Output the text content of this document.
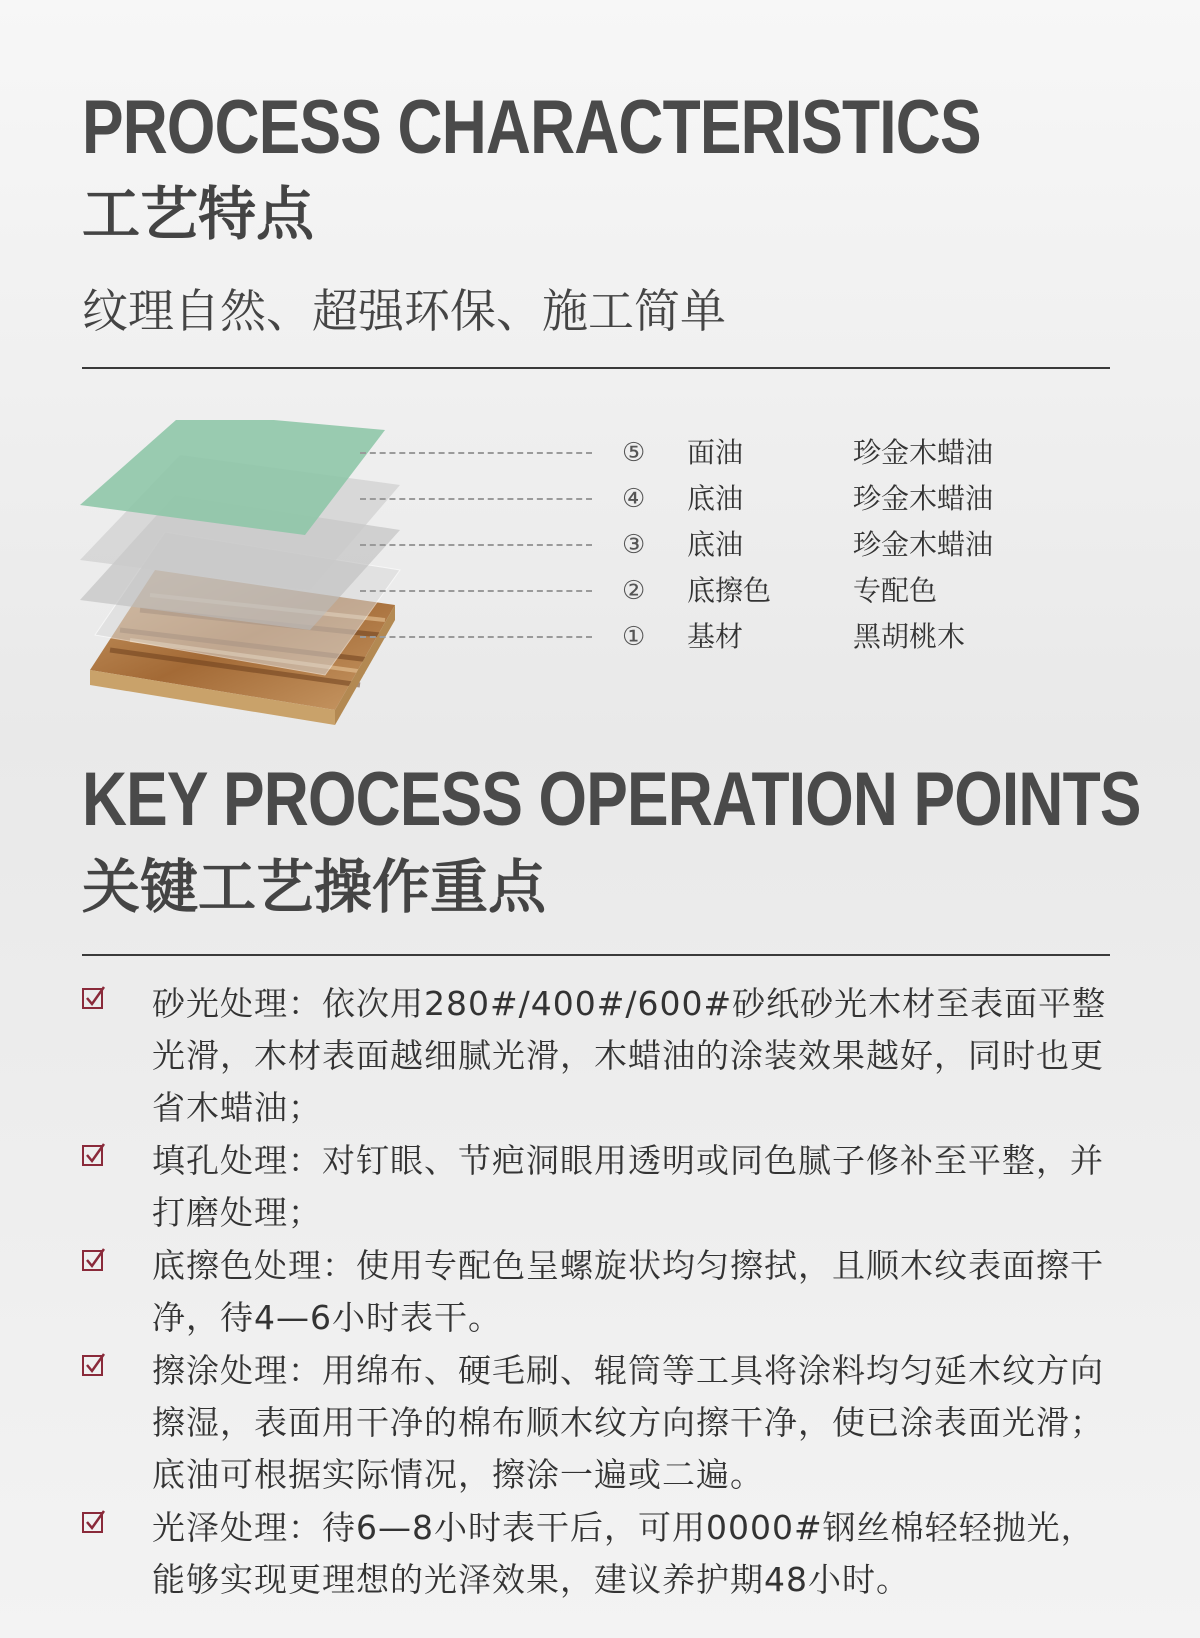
PROCESS CHARACTERISTICS
工艺特点
纹理自然、超强环保、施工简单
⑤ 面油	珍金木蜡油
④ 底油	珍金木蜡油
③ 底油	珍金木蜡油
② 底擦色	专配色
① 基材	黑胡桃木
KEY PROCESS OPERATION POINTS
关键工艺操作重点
砂光处理：依次用280#/400#/600#砂纸砂光木材至表面平整光滑，木材表面越细腻光滑，木蜡油的涂装效果越好，同时也更省木蜡油；
填孔处理：对钉眼、节疤洞眼用透明或同色腻子修补至平整，并打磨处理；
底擦色处理：使用专配色呈螺旋状均匀擦拭，且顺木纹表面擦干净，待4—6小时表干。
擦涂处理：用绵布、硬毛刷、辊筒等工具将涂料均匀延木纹方向擦湿，表面用干净的棉布顺木纹方向擦干净，使已涂表面光滑；底油可根据实际情况，擦涂一遍或二遍。
光泽处理：待6—8小时表干后，可用0000#钢丝棉轻轻抛光，能够实现更理想的光泽效果，建议养护期48小时。
